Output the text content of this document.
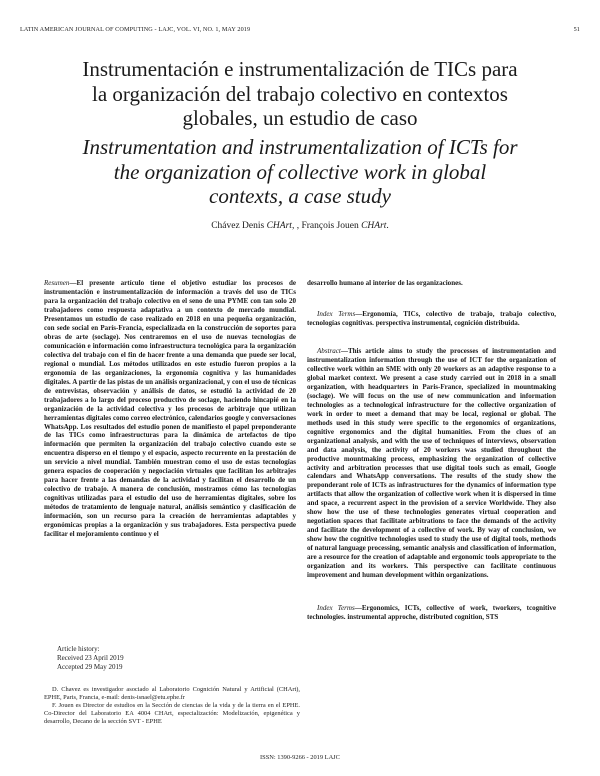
LATIN AMERICAN JOURNAL OF COMPUTING - LAJC, VOL. VI, NO. 1, MAY 2019	51
Instrumentación e instrumentalización de TICs para
la organización del trabajo colectivo en contextos
globales, un estudio de caso
Instrumentation and instrumentalization of ICTs for
the organization of collective work in global
contexts, a case study
Chávez Denis CHArt, , François Jouen CHArt.

Resumen—El presente artículo tiene el objetivo estudiar los procesos de instrumentación e instrumentalización de información a través del uso de TICs para la organización del trabajo colectivo en el seno de una PYME con tan solo 20 trabajadores como respuesta adaptativa a un contexto de mercado mundial. Presentamos un estudio de caso realizado en 2018 en una pequeña organización, con sede social en París-Francia, especializada en la construcción de soportes para obras de arte (soclage). Nos centraremos en el uso de nuevas tecnologías de comunicación e información como infraestructura tecnológica para la organización colectiva del trabajo con el fin de hacer frente a una demanda que puede ser local, regional o mundial. Los métodos utilizados en este estudio fueron propios a la ergonomía de las organizaciones, la ergonomía cognitiva y las humanidades digitales. A partir de las pistas de un análisis organizacional, y con el uso de técnicas de entrevistas, observación y análisis de datos, se estudió la actividad de 20 trabajadores a lo largo del proceso productivo de soclage, haciendo hincapié en la organización de la actividad colectiva y los procesos de arbitraje que utilizan herramientas digitales como correo electrónico, calendarios google y conversaciones WhatsApp. Los resultados del estudio ponen de manifiesto el papel preponderante de las TICs como infraestructuras para la dinámica de artefactos de tipo información que permiten la organización del trabajo colectivo cuando este se encuentra disperso en el tiempo y el espacio, aspecto recurrente en la prestación de un servicio a nivel mundial. También muestran como el uso de estas tecnologías genera espacios de cooperación y negociación virtuales que facilitan los arbitrajes para hacer frente a las demandas de la actividad y facilitan el desarrollo de un colectivo de trabajo. A manera de conclusión, mostramos cómo las tecnologías cognitivas utilizadas para el estudio del uso de herramientas digitales, sobre los métodos de tratamiento de lenguaje natural, análisis semántico y clasificación de información, son un recurso para la creación de herramientas adaptables y ergonómicas propias a la organización y sus trabajadores. Esta perspectiva puede facilitar el mejoramiento continuo y el

Article history:
Received 23 April 2019
Accepted 29 May 2019

D. Chavez es investigador asociado al Laboratorio Cognición Natural y Artificial (CHArt), EPHE, Paris, Francia, e-mail: denis-isnael@etu.ephe.fr

F. Jouen es Director de estudios en la Sección de ciencias de la vida y de la tierra en el EPHE. Co-Director del Laboratorio EA 4004 CHArt, especialización: Modelización, epigenética y desarrollo, Decano de la sección SVT - EPHE

desarrollo humano al interior de las organizaciones.

Index Terms—Ergonomía, TICs, colectivo de trabajo, trabajo colectivo, tecnologías cognitivas. perspectiva instrumental, cognición distribuida.

Abstract—This article aims to study the processes of instrumentation and instrumentalization information through the use of ICT for the organization of collective work within an SME with only 20 workers as an adaptive response to a global market context. We present a case study carried out in 2018 in a small organization, with headquarters in Paris-France, specialized in mountmaking (soclage). We will focus on the use of new communication and information technologies as a technological infrastructure for the collective organization of work in order to meet a demand that may be local, regional or global. The methods used in this study were specific to the ergonomics of organizations, cognitive ergonomics and the digital humanities. From the clues of an organizational analysis, and with the use of techniques of interviews, observation and data analysis, the activity of 20 workers was studied throughout the productive mountmaking process, emphasizing the organization of collective activity and arbitration processes that use digital tools such as email, Google calendars and WhatsApp conversations. The results of the study show the preponderant role of ICTs as infrastructures for the dynamics of information type artifacts that allow the organization of collective work when it is dispersed in time and space, a recurrent aspect in the provision of a service Worldwide. They also show how the use of these technologies generates virtual cooperation and negotiation spaces that facilitate arbitrations to face the demands of the activity and facilitate the development of a collective of work. By way of conclusion, we show how the cognitive technologies used to study the use of digital tools, methods of natural language processing, semantic analysis and classification of information, are a resource for the creation of adaptable and ergonomic tools appropriate to the organization and its workers. This perspective can facilitate continuous improvement and human development within organizations.

Index Terms—Ergonomics, ICTs, collective of work, tworkers, tcognitive technologies. instrumental approche, distributed cognition, STS

ISSN: 1390-9266 - 2019 LAJC
